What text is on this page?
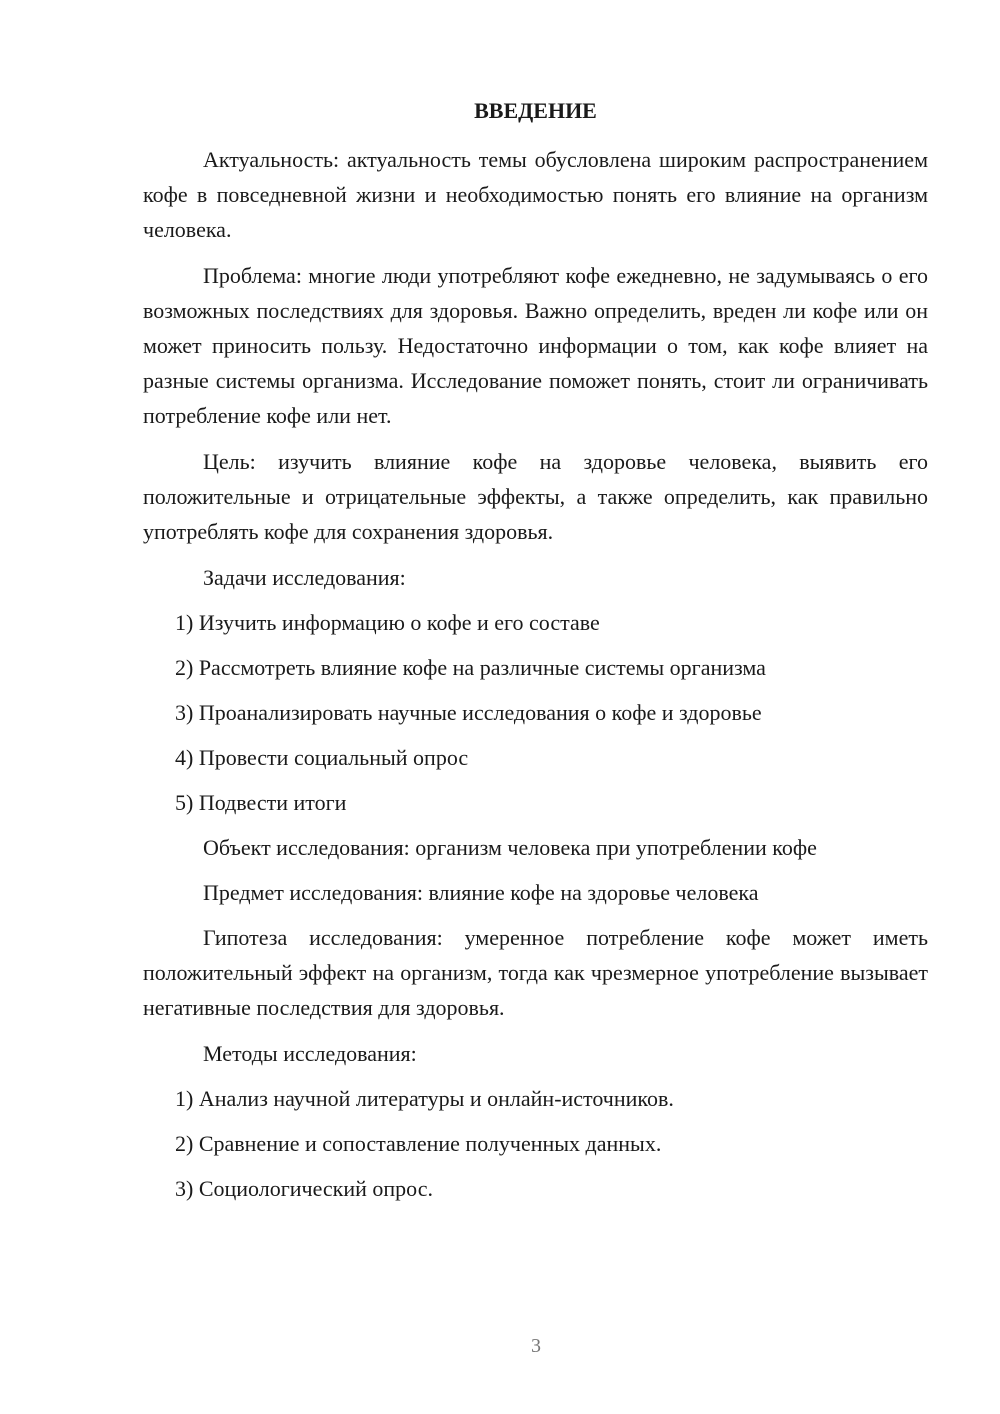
ВВЕДЕНИЕ

Актуальность: актуальность темы обусловлена широким распространением кофе в повседневной жизни и необходимостью понять его влияние на организм человека.

Проблема: многие люди употребляют кофе ежедневно, не задумываясь о его возможных последствиях для здоровья. Важно определить, вреден ли кофе или он может приносить пользу. Недостаточно информации о том, как кофе влияет на разные системы организма. Исследование поможет понять, стоит ли ограничивать потребление кофе или нет.

Цель: изучить влияние кофе на здоровье человека, выявить его положительные и отрицательные эффекты, а также определить, как правильно употреблять кофе для сохранения здоровья.

Задачи исследования:
1) Изучить информацию о кофе и его составе
2) Рассмотреть влияние кофе на различные системы организма
3) Проанализировать научные исследования о кофе и здоровье
4) Провести социальный опрос
5) Подвести итоги
Объект исследования: организм человека при употреблении кофе
Предмет исследования: влияние кофе на здоровье человека

Гипотеза исследования: умеренное потребление кофе может иметь положительный эффект на организм, тогда как чрезмерное употребление вызывает негативные последствия для здоровья.

Методы исследования:
1) Анализ научной литературы и онлайн-источников.
2) Сравнение и сопоставление полученных данных.
3) Социологический опрос.
3
